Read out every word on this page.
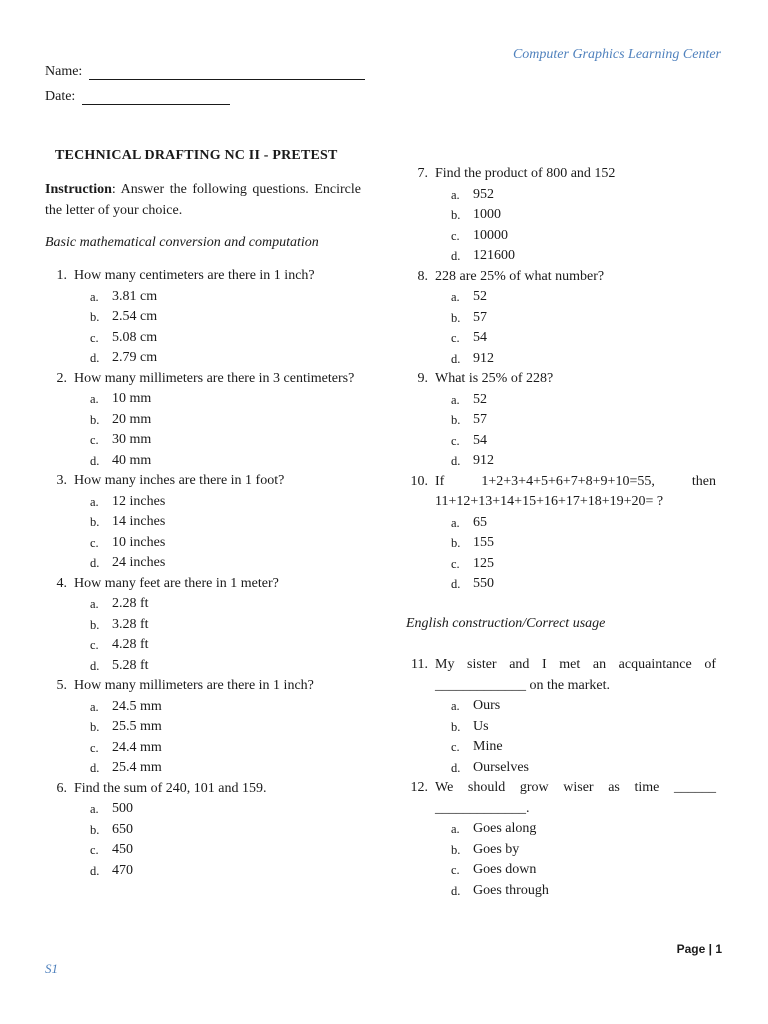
Computer Graphics Learning Center
Name:
Date:
TECHNICAL DRAFTING NC II - PRETEST
Instruction: Answer the following questions. Encircle the letter of your choice.
Basic mathematical conversion and computation
1. How many centimeters are there in 1 inch?
a. 3.81 cm
b. 2.54 cm
c. 5.08 cm
d. 2.79 cm
2. How many millimeters are there in 3 centimeters?
a. 10 mm
b. 20 mm
c. 30 mm
d. 40 mm
3. How many inches are there in 1 foot?
a. 12 inches
b. 14 inches
c. 10 inches
d. 24 inches
4. How many feet are there in 1 meter?
a. 2.28 ft
b. 3.28 ft
c. 4.28 ft
d. 5.28 ft
5. How many millimeters are there in 1 inch?
a. 24.5 mm
b. 25.5 mm
c. 24.4 mm
d. 25.4 mm
6. Find the sum of 240, 101 and 159.
a. 500
b. 650
c. 450
d. 470
7. Find the product of 800 and 152
a. 952
b. 1000
c. 10000
d. 121600
8. 228 are 25% of what number?
a. 52
b. 57
c. 54
d. 912
9. What is 25% of 228?
a. 52
b. 57
c. 54
d. 912
10. If 1+2+3+4+5+6+7+8+9+10=55, then 11+12+13+14+15+16+17+18+19+20= ?
a. 65
b. 155
c. 125
d. 550
English construction/Correct usage
11. My sister and I met an acquaintance of _____________ on the market.
a. Ours
b. Us
c. Mine
d. Ourselves
12. We should grow wiser as time ______ _____________.
a. Goes along
b. Goes by
c. Goes down
d. Goes through
Page | 1
S1
